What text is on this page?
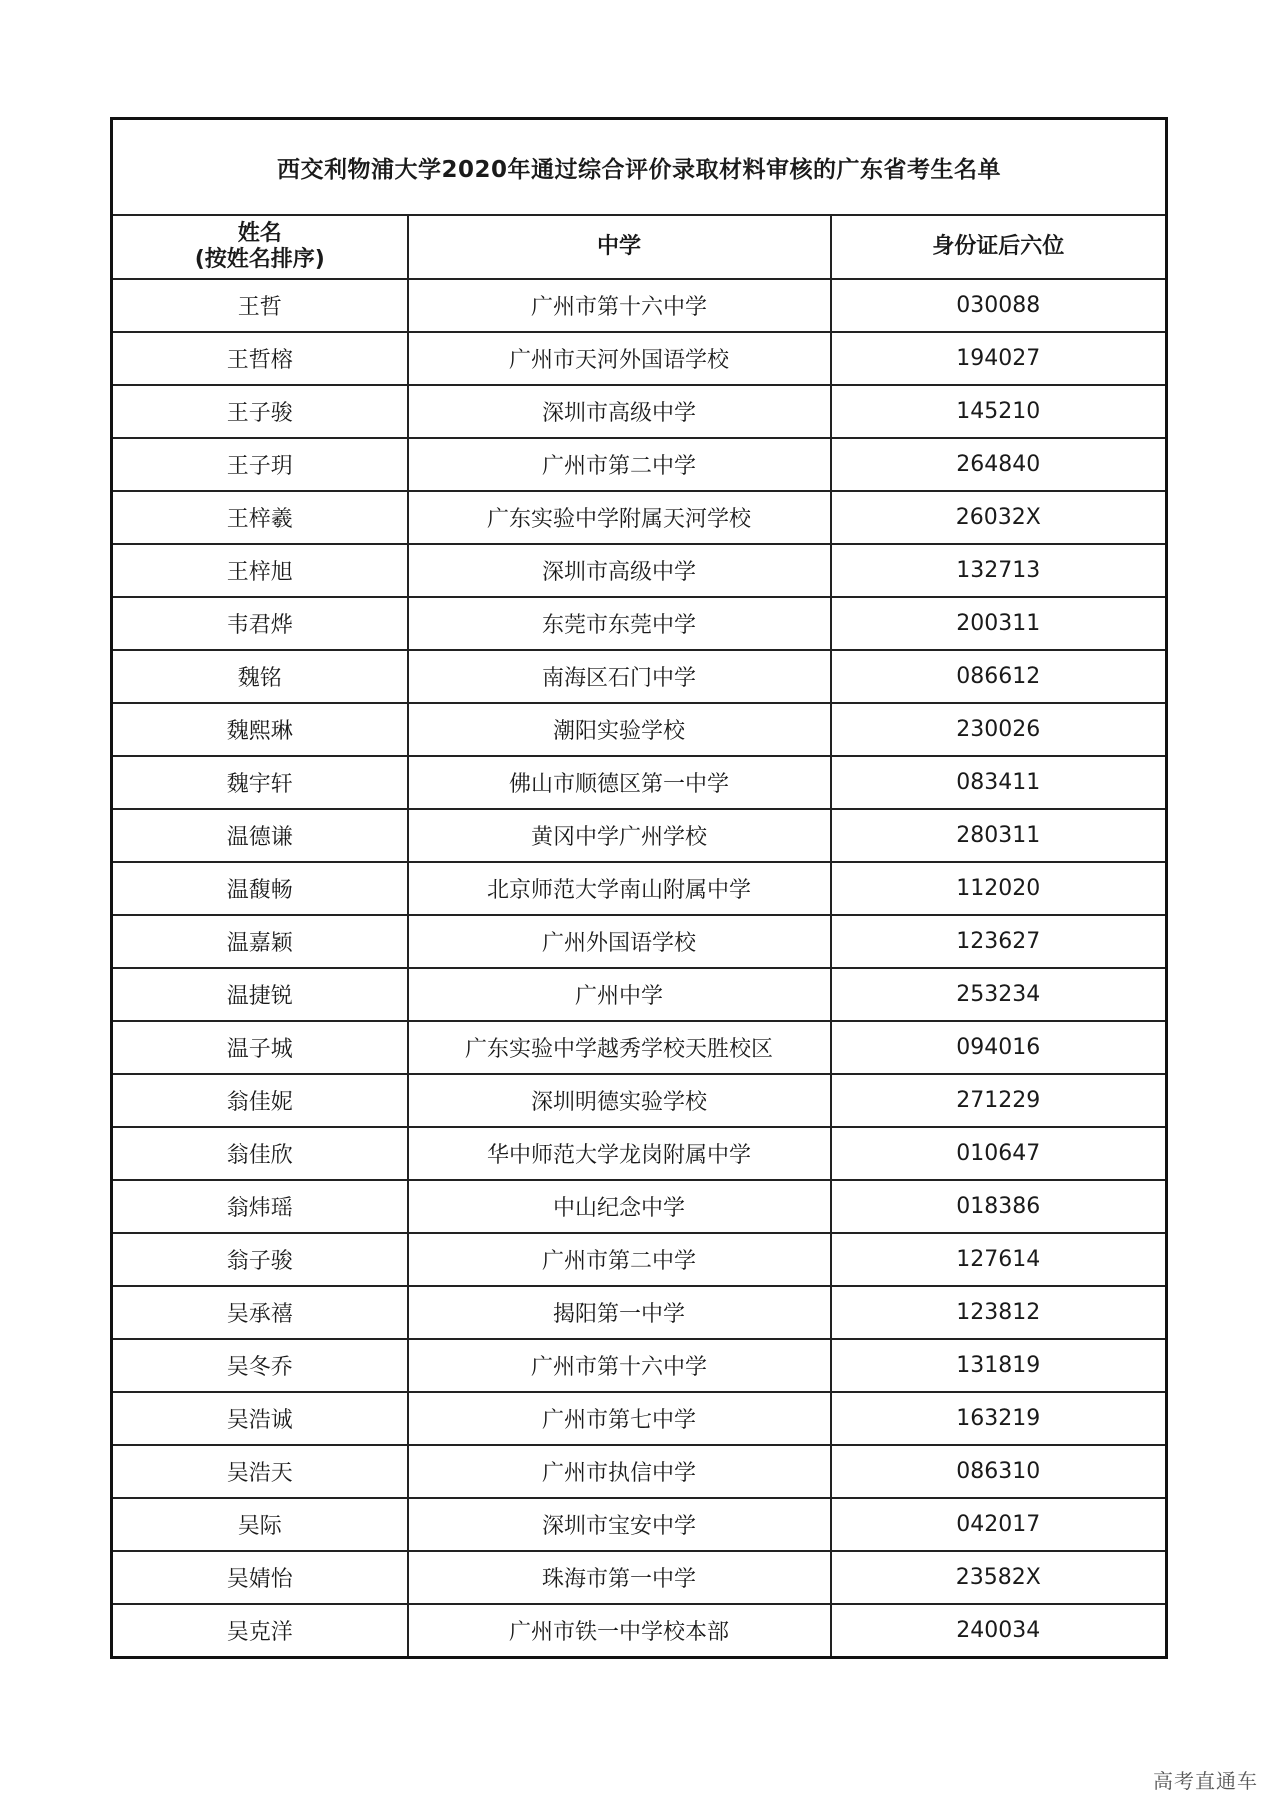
西交利物浦大学2020年通过综合评价录取材料审核的广东省考生名单		

姓名
(按姓名排序)	中学	身份证后六位
王哲	广州市第十六中学	030088
王哲榕	广州市天河外国语学校	194027
王子骏	深圳市高级中学	145210
王子玥	广州市第二中学	264840
王梓羲	广东实验中学附属天河学校	26032X
王梓旭	深圳市高级中学	132713
韦君烨	东莞市东莞中学	200311
魏铭	南海区石门中学	086612
魏熙琳	潮阳实验学校	230026
魏宇轩	佛山市顺德区第一中学	083411
温德谦	黄冈中学广州学校	280311
温馥畅	北京师范大学南山附属中学	112020
温嘉颖	广州外国语学校	123627
温捷锐	广州中学	253234
温子城	广东实验中学越秀学校天胜校区	094016
翁佳妮	深圳明德实验学校	271229
翁佳欣	华中师范大学龙岗附属中学	010647
翁炜瑶	中山纪念中学	018386
翁子骏	广州市第二中学	127614
吴承禧	揭阳第一中学	123812
吴冬乔	广州市第十六中学	131819
吴浩诚	广州市第七中学	163219
吴浩天	广州市执信中学	086310
吴际	深圳市宝安中学	042017
吴婧怡	珠海市第一中学	23582X
吴克洋	广州市铁一中学校本部	240034
高考直通车
